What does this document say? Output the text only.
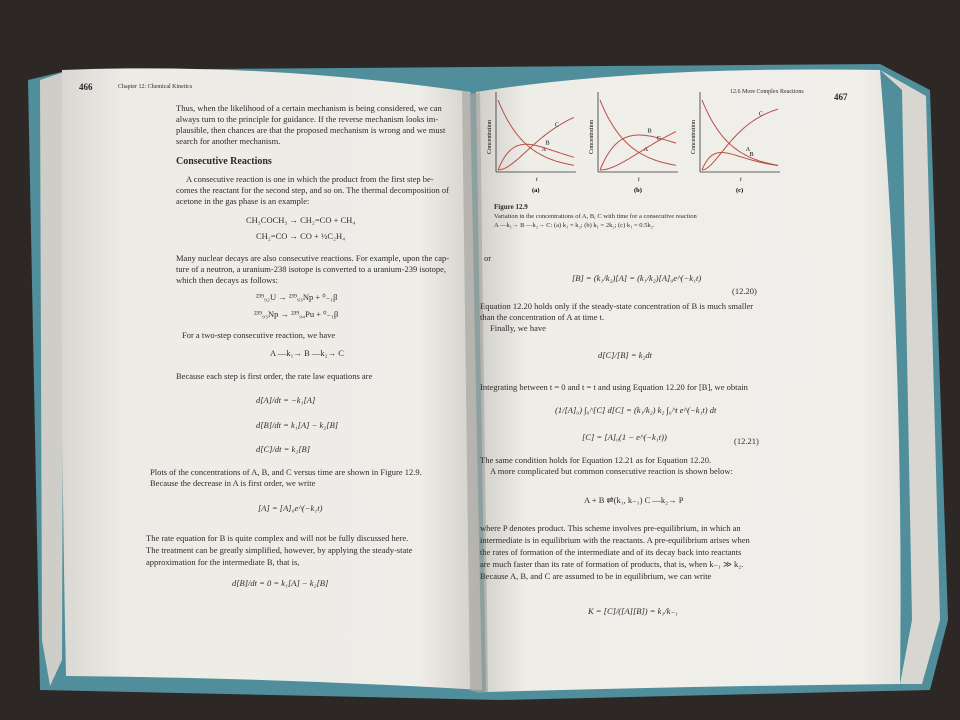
466	Chapter 12: Chemical Kinetics
Thus, when the likelihood of a certain mechanism is being considered, we can
always turn to the principle for guidance. If the reverse mechanism looks im-
plausible, then chances are that the proposed mechanism is wrong and we must
search for another mechanism.
Consecutive Reactions
A consecutive reaction is one in which the product from the first step be-
comes the reactant for the second step, and so on. The thermal decomposition of
acetone in the gas phase is an example:
CH₃COCH₃ → CH₂=CO + CH₄
CH₂=CO → CO + ½C₂H₄
Many nuclear decays are also consecutive reactions. For example, upon the cap-
ture of a neutron, a uranium-238 isotope is converted to a uranium-239 isotope,
which then decays as follows:
²³⁹₉₂U → ²³⁹₉₃Np + ⁰₋₁β
²³⁹₉₃Np → ²³⁹₉₄Pu + ⁰₋₁β
For a two-step consecutive reaction, we have
A —k₁→ B —k₂→ C
Because each step is first order, the rate law equations are
d[A]/dt = −k₁[A]
d[B]/dt = k₁[A] − k₂[B]
d[C]/dt = k₂[B]
Plots of the concentrations of A, B, and C versus time are shown in Figure 12.9.
Because the decrease in A is first order, we write
[A] = [A]₀e^(−k₁t)
The rate equation for B is quite complex and will not be fully discussed here.
The treatment can be greatly simplified, however, by applying the steady-state
approximation for the intermediate B, that is,
d[B]/dt = 0 = k₁[A] − k₂[B]
12.6 More Complex Reactions	467
Concentration
t
(a)
A
B
C	Concentration
t
(b)
A
B
C	Concentration
t
(c)
A
B
C
Figure 12.9
Variation in the concentrations of A, B, C with time for a consecutive reaction
A —k₁→ B —k₂→ C: (a) k₁ = k₂; (b) k₁ = 2k₂; (c) k₁ = 0.5k₂.
or
[B] = (k₁/k₂)[A] = (k₁/k₂)[A]₀e^(−k₁t)
(12.20)
Equation 12.20 holds only if the steady-state concentration of B is much smaller
than the concentration of A at time t.
Finally, we have
d[C]/[B] = k₂dt
Integrating between t = 0 and t = t and using Equation 12.20 for [B], we obtain
(1/[A]₀) ∫₀^[C] d[C] = (k₁/k₂) k₂ ∫₀^t e^(−k₁t) dt
[C] = [A]₀(1 − e^(−k₁t))	(12.21)
The same condition holds for Equation 12.21 as for Equation 12.20.
A more complicated but common consecutive reaction is shown below:
A + B ⇌(k₁, k₋₁) C —k₂→ P
where P denotes product. This scheme involves pre-equilibrium, in which an
intermediate is in equilibrium with the reactants. A pre-equilibrium arises when
the rates of formation of the intermediate and of its decay back into reactants
are much faster than its rate of formation of products, that is, when k₋₁ ≫ k₂.
Because A, B, and C are assumed to be in equilibrium, we can write
K = [C]/([A][B]) = k₁/k₋₁
